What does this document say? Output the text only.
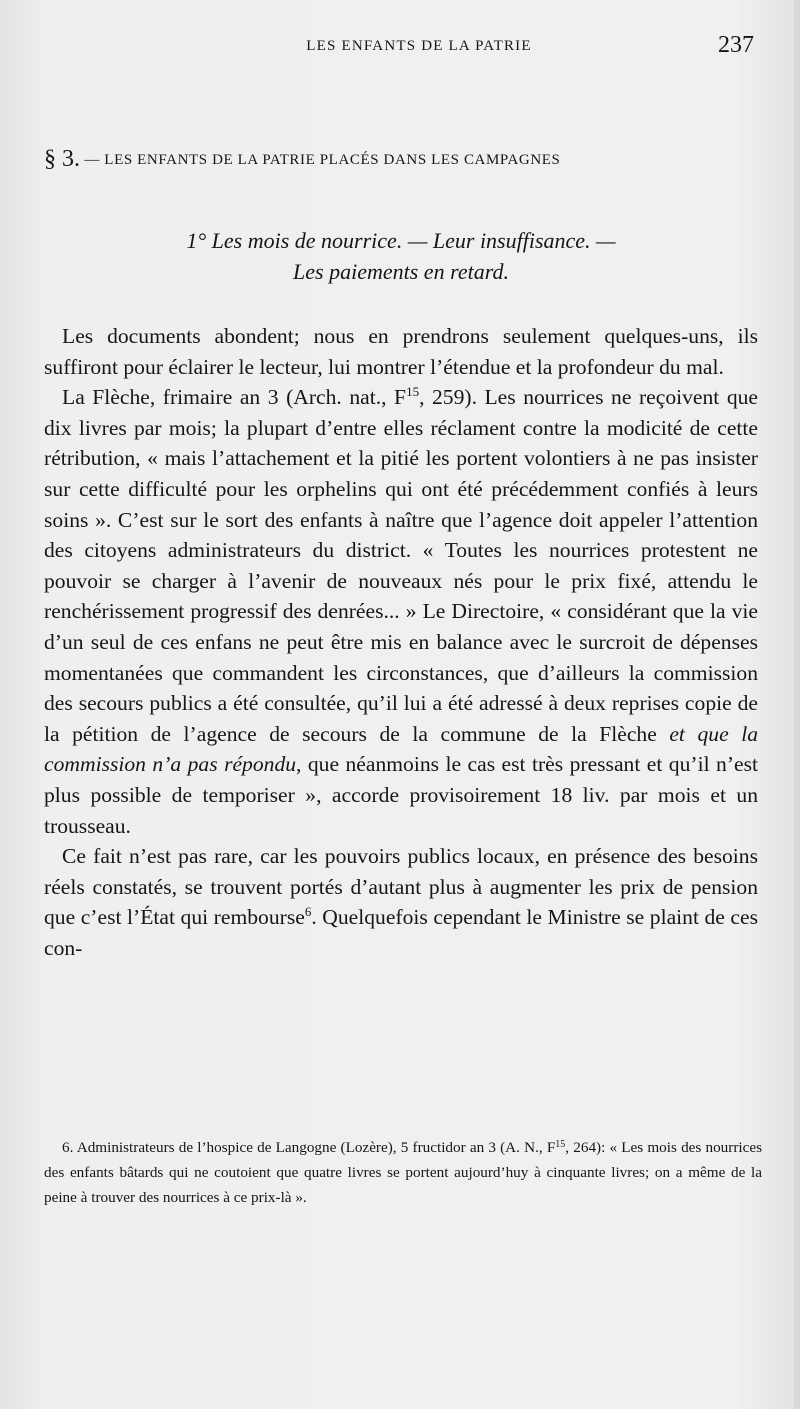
LES ENFANTS DE LA PATRIE	237
§ 3. — LES ENFANTS DE LA PATRIE PLACÉS DANS LES CAMPAGNES
1° Les mois de nourrice. — Leur insuffisance. —
Les paiements en retard.

Les documents abondent; nous en prendrons seulement quelques-uns, ils suffiront pour éclairer le lecteur, lui montrer l’étendue et la profondeur du mal.

La Flèche, frimaire an 3 (Arch. nat., $F^{15}$, 259). Les nourrices ne reçoivent que dix livres par mois; la plupart d’entre elles réclament contre la modicité de cette rétribution, « mais l’attachement et la pitié les portent volontiers à ne pas insister sur cette difficulté pour les orphelins qui ont été précédemment confiés à leurs soins ». C’est sur le sort des enfants à naître que l’agence doit appeler l’attention des citoyens administrateurs du district. « Toutes les nourrices protestent ne pouvoir se charger à l’avenir de nouveaux nés pour le prix fixé, attendu le renchérissement progressif des denrées... » Le Directoire, « considérant que la vie d’un seul de ces enfans ne peut être mis en balance avec le surcroit de dépenses momentanées que commandent les circonstances, que d’ailleurs la commission des secours publics a été consultée, qu’il lui a été adressé à deux reprises copie de la pétition de l’agence de secours de la commune de la Flèche et que la commission n’a pas répondu, que néanmoins le cas est très pressant et qu’il n’est plus possible de temporiser », accorde provisoirement 18 liv. par mois et un trousseau.

Ce fait n’est pas rare, car les pouvoirs publics locaux, en présence des besoins réels constatés, se trouvent portés d’autant plus à augmenter les prix de pension que c’est l’État qui rembourse$^6$. Quelquefois cependant le Ministre se plaint de ces con-

6. Administrateurs de l’hospice de Langogne (Lozère), 5 fructidor an 3 (A. N., $F^{15}$, 264): « Les mois des nourrices des enfants bâtards qui ne coutoient que quatre livres se portent aujourd’huy à cinquante livres; on a même de la peine à trouver des nourrices à ce prix-là ».
